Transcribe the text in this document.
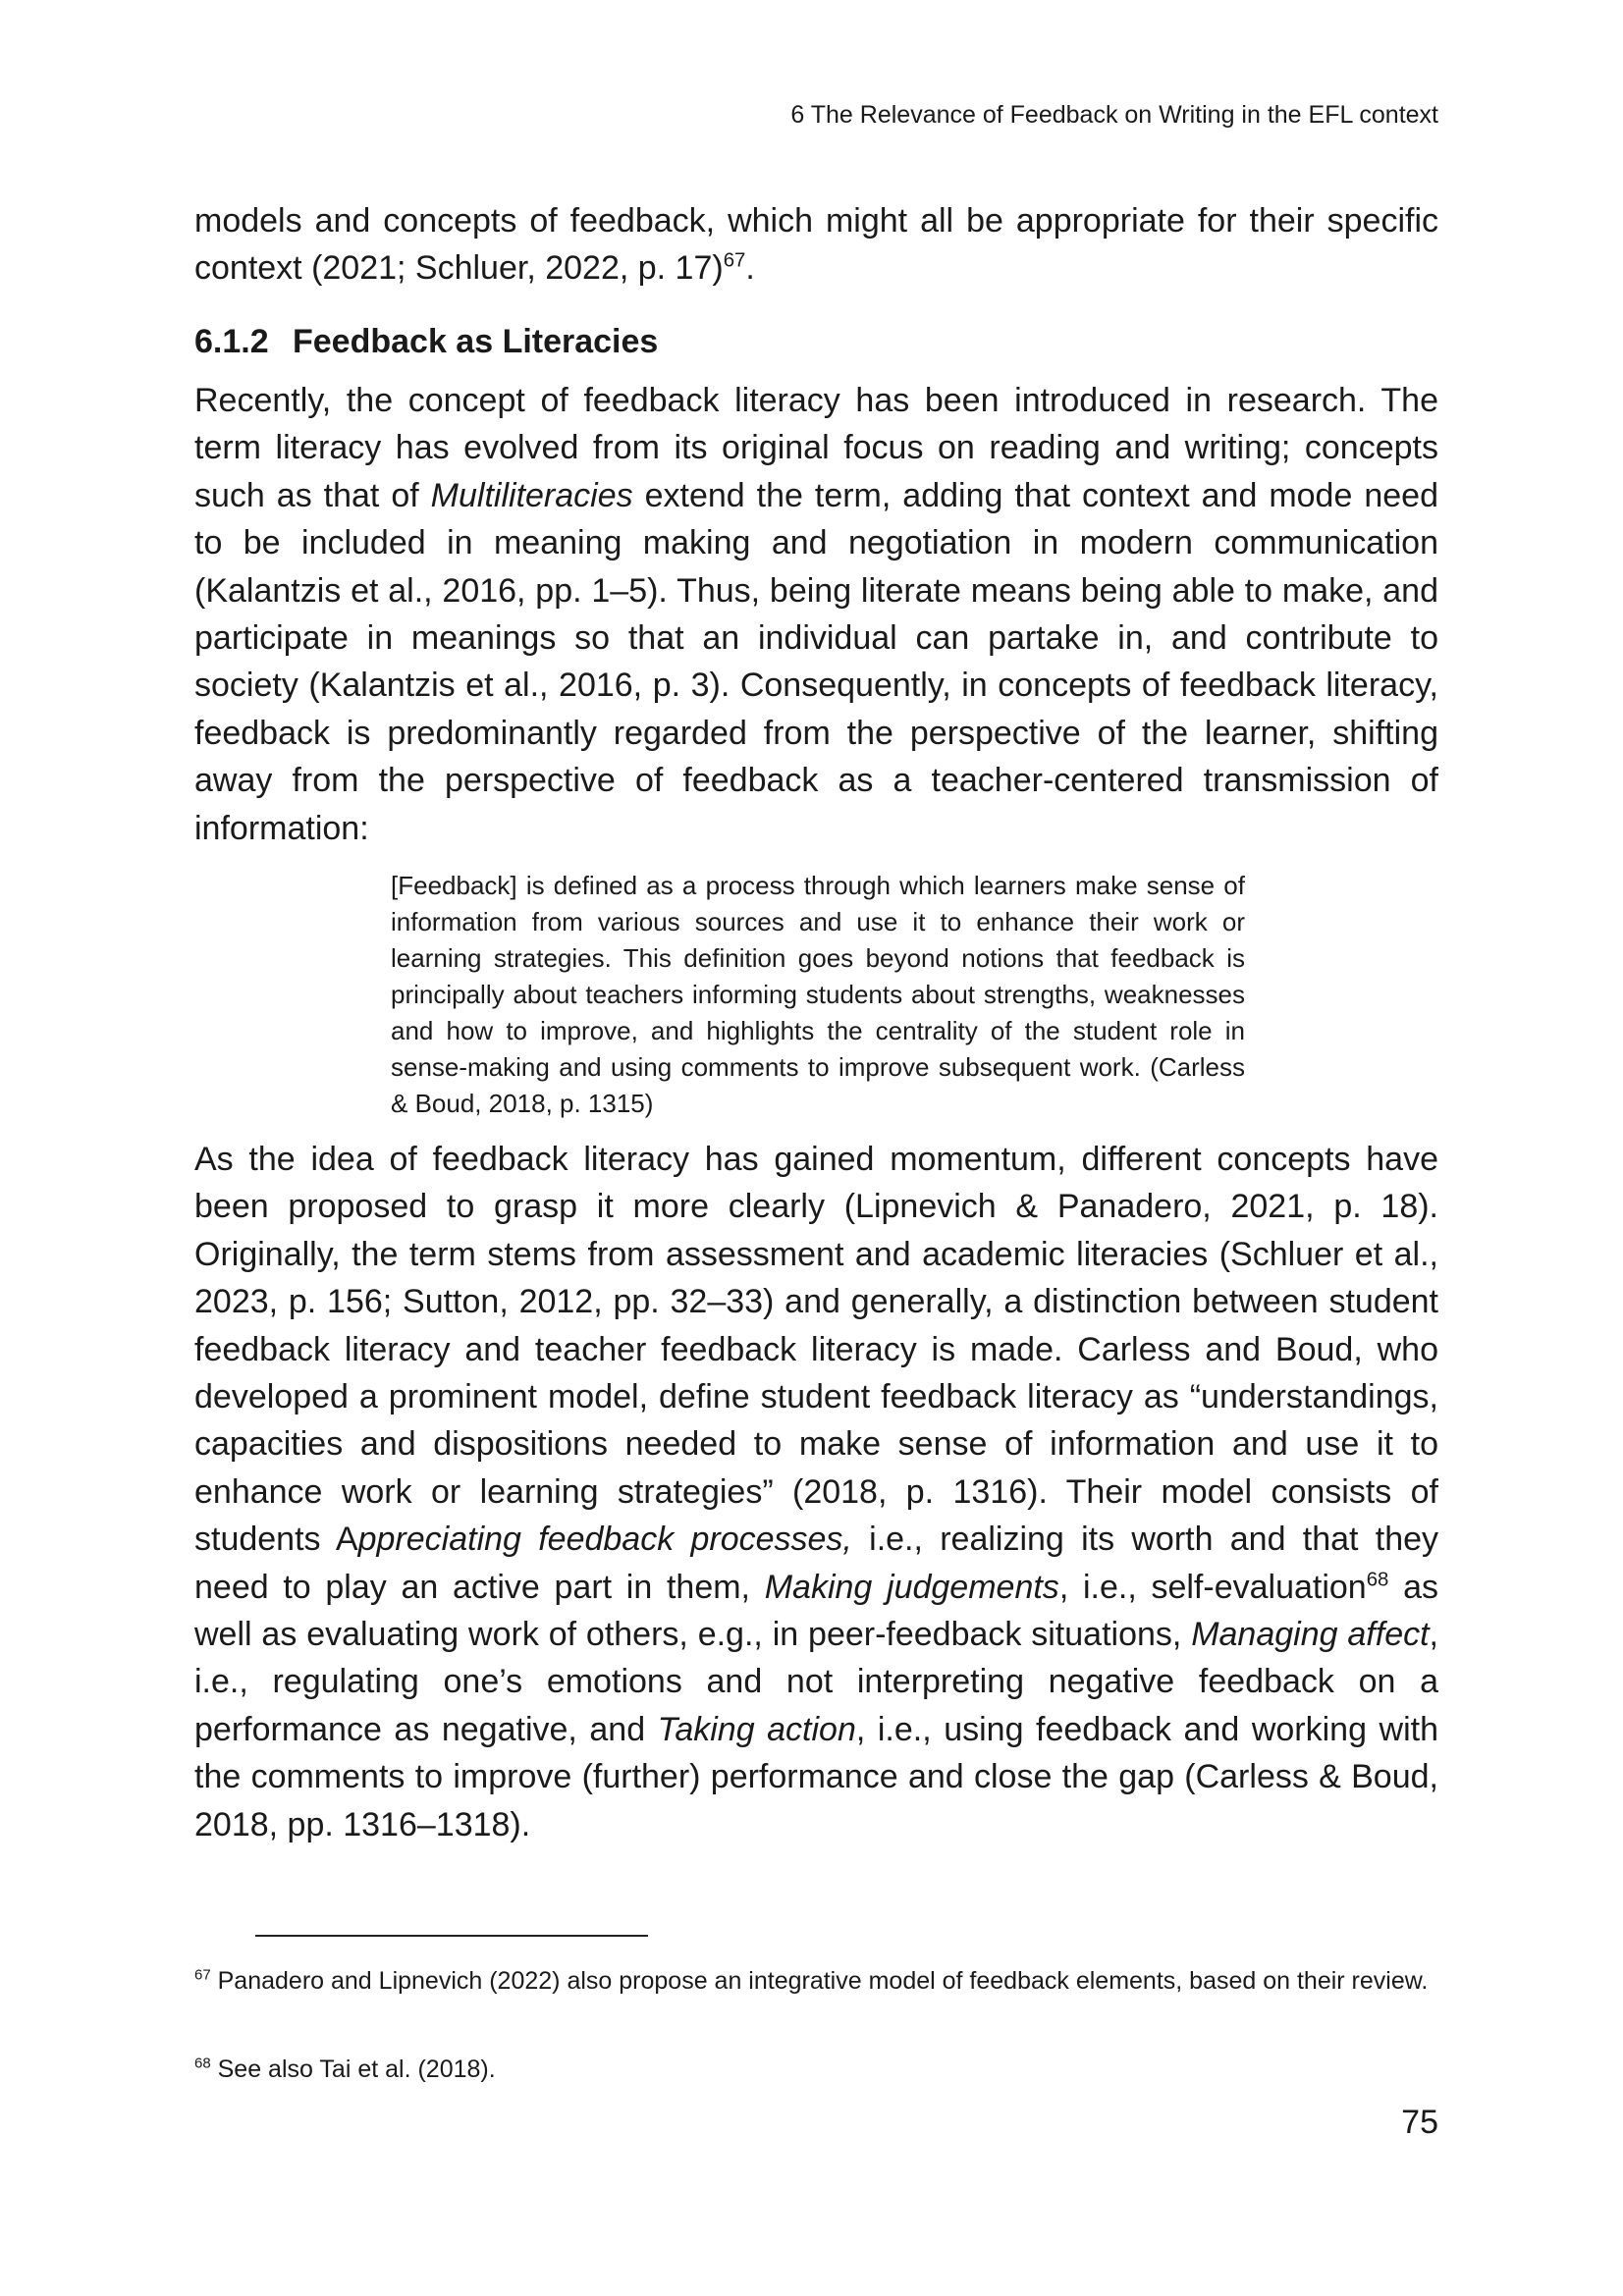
6 The Relevance of Feedback on Writing in the EFL context

models and concepts of feedback, which might all be appropriate for their specific context (2021; Schluer, 2022, p. 17)$^{67}$.

6.1.2 Feedback as Literacies

Recently, the concept of feedback literacy has been introduced in research. The term literacy has evolved from its original focus on reading and writing; concepts such as that of Multiliteracies extend the term, adding that context and mode need to be included in meaning making and negotiation in modern communication (Kalantzis et al., 2016, pp. 1–5). Thus, being literate means being able to make, and participate in meanings so that an individual can partake in, and contribute to society (Kalantzis et al., 2016, p. 3). Consequently, in concepts of feedback literacy, feedback is predominantly regarded from the perspective of the learner, shifting away from the perspective of feedback as a teacher-centered transmission of information:

[Feedback] is defined as a process through which learners make sense of information from various sources and use it to enhance their work or learning strategies. This definition goes beyond notions that feedback is principally about teachers informing students about strengths, weaknesses and how to improve, and highlights the centrality of the student role in sense-making and using comments to improve subsequent work. (Carless & Boud, 2018, p. 1315)

As the idea of feedback literacy has gained momentum, different concepts have been proposed to grasp it more clearly (Lipnevich & Panadero, 2021, p. 18). Originally, the term stems from assessment and academic literacies (Schluer et al., 2023, p. 156; Sutton, 2012, pp. 32–33) and generally, a distinction between student feedback literacy and teacher feedback literacy is made. Carless and Boud, who developed a prominent model, define student feedback literacy as “understandings, capacities and dispositions needed to make sense of information and use it to enhance work or learning strategies” (2018, p. 1316). Their model consists of students Appreciating feedback processes, i.e., realizing its worth and that they need to play an active part in them, Making judgements, i.e., self-evaluation$^{68}$ as well as evaluating work of others, e.g., in peer-feedback situations, Managing affect, i.e., regulating one’s emotions and not interpreting negative feedback on a performance as negative, and Taking action, i.e., using feedback and working with the comments to improve (further) performance and close the gap (Carless & Boud, 2018, pp. 1316–1318).

$^{67}$ Panadero and Lipnevich (2022) also propose an integrative model of feedback elements, based on their review.

$^{68}$ See also Tai et al. (2018).

75
